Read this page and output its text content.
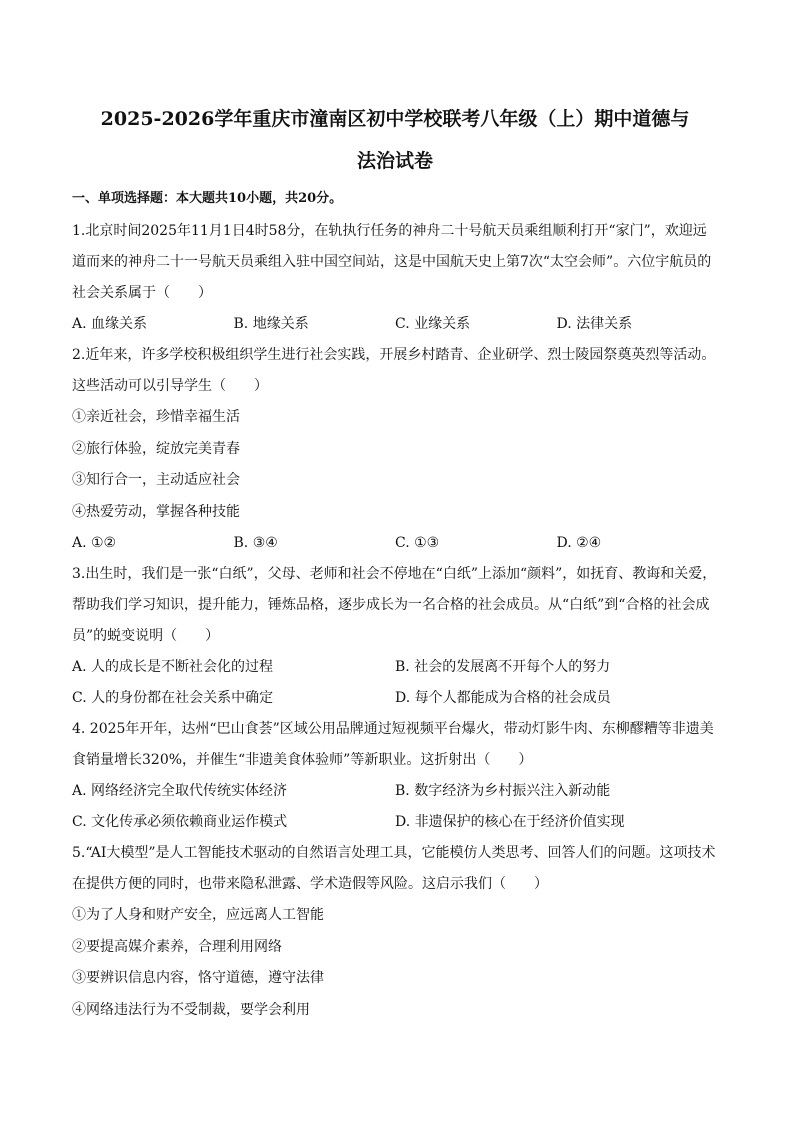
2025-2026学年重庆市潼南区初中学校联考八年级（上）期中道德与
法治试卷
一、单项选择题：本大题共10小题，共20分。

1.北京时间2025年11月1日4时58分，在轨执行任务的神舟二十号航天员乘组顺利打开“家门”，欢迎远道而来的神舟二十一号航天员乘组入驻中国空间站，这是中国航天史上第7次“太空会师”。六位宇航员的社会关系属于（　　）

A. 血缘关系	B. 地缘关系	C. 业缘关系	D. 法律关系

2.近年来，许多学校积极组织学生进行社会实践，开展乡村踏青、企业研学、烈士陵园祭奠英烈等活动。这些活动可以引导学生（　　）

①亲近社会，珍惜幸福生活

②旅行体验，绽放完美青春

③知行合一，主动适应社会

④热爱劳动，掌握各种技能

A. ①②	B. ③④	C. ①③	D. ②④

3.出生时，我们是一张“白纸”，父母、老师和社会不停地在“白纸”上添加“颜料”，如抚育、教诲和关爱，帮助我们学习知识，提升能力，锤炼品格，逐步成长为一名合格的社会成员。从“白纸”到“合格的社会成员”的蜕变说明（　　）

A. 人的成长是不断社会化的过程	B. 社会的发展离不开每个人的努力
C. 人的身份都在社会关系中确定	D. 每个人都能成为合格的社会成员

4. 2025年开年，达州“巴山食荟”区域公用品牌通过短视频平台爆火，带动灯影牛肉、东柳醪糟等非遗美食销量增长320%，并催生“非遗美食体验师”等新职业。这折射出（　　）

A. 网络经济完全取代传统实体经济	B. 数字经济为乡村振兴注入新动能
C. 文化传承必须依赖商业运作模式	D. 非遗保护的核心在于经济价值实现

5.“AI大模型”是人工智能技术驱动的自然语言处理工具，它能模仿人类思考、回答人们的问题。这项技术在提供方便的同时，也带来隐私泄露、学术造假等风险。这启示我们（　　）

①为了人身和财产安全，应远离人工智能

②要提高媒介素养，合理利用网络

③要辨识信息内容，恪守道德，遵守法律

④网络违法行为不受制裁，要学会利用
